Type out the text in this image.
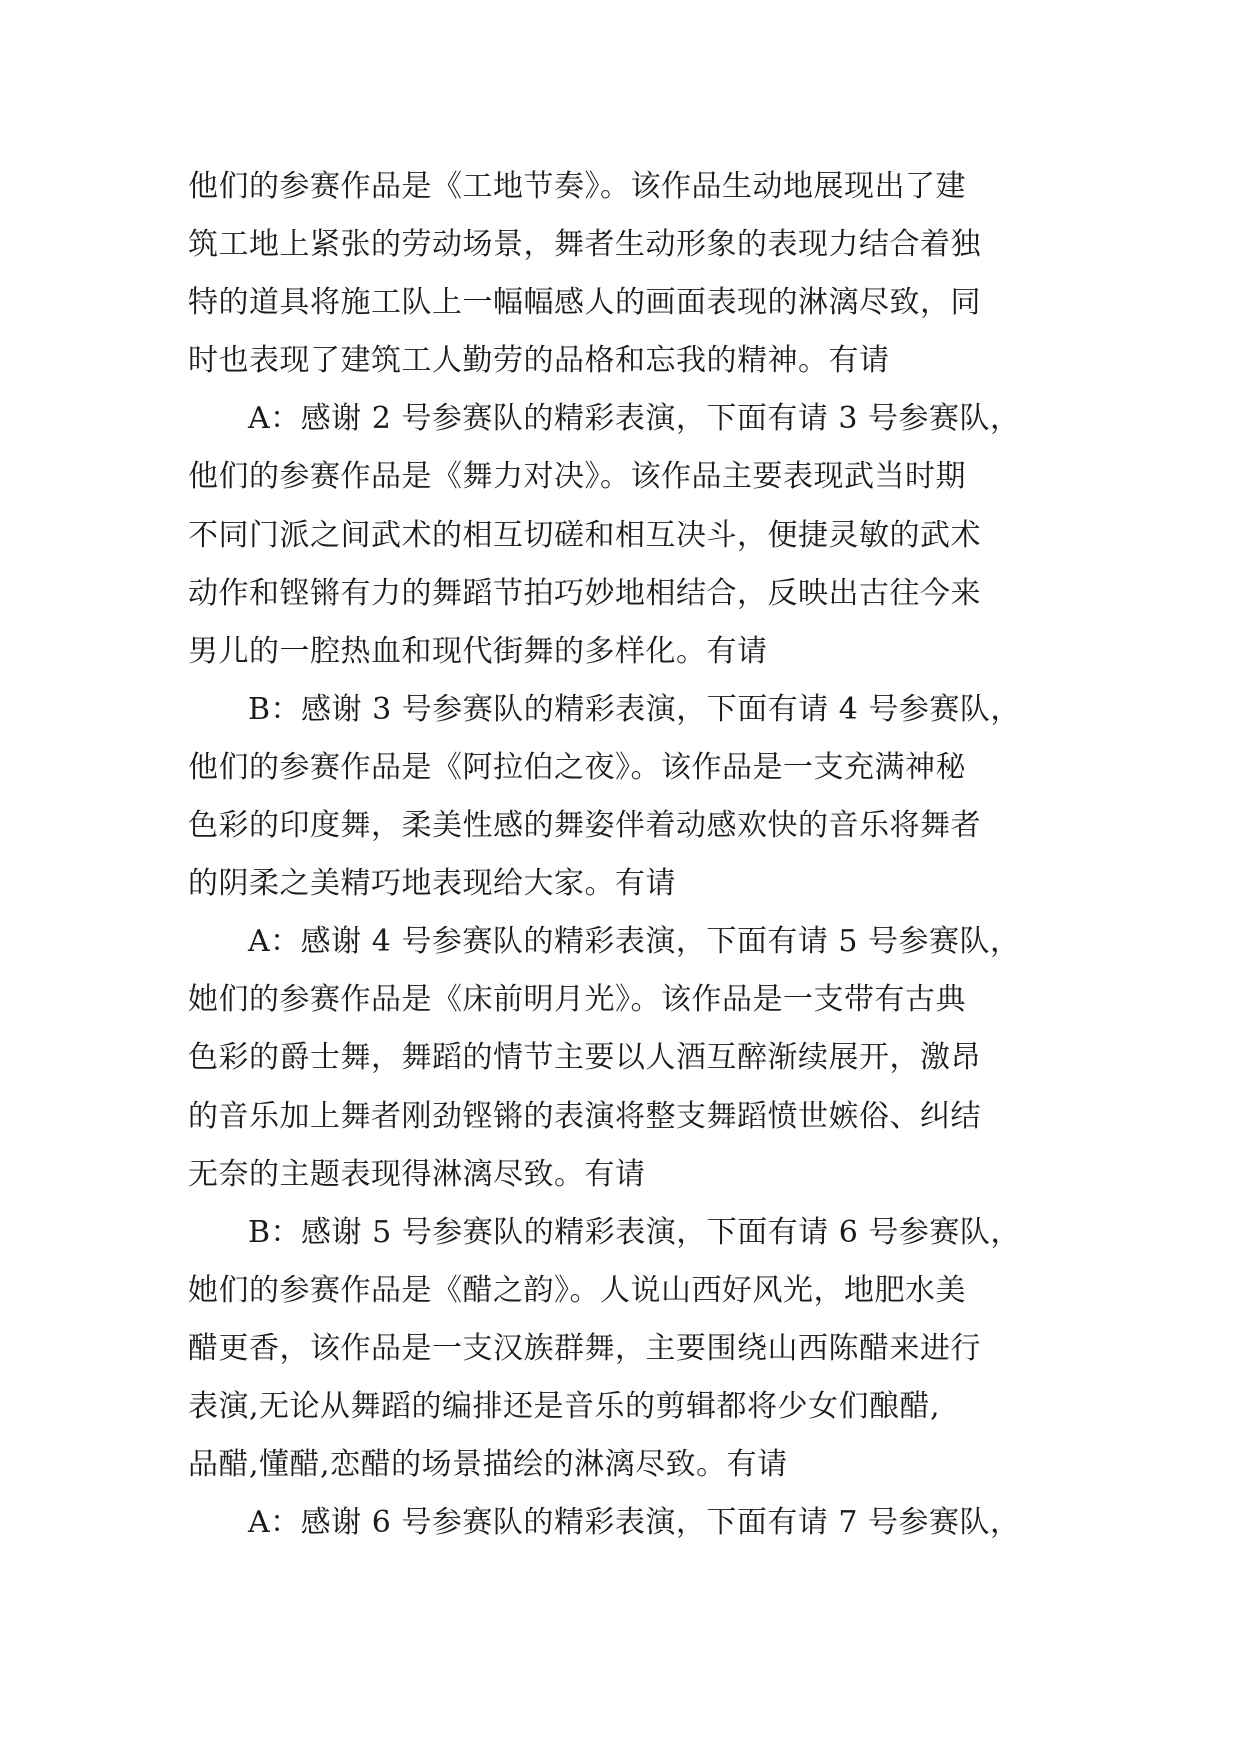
他们的参赛作品是《工地节奏》。该作品生动地展现出了建
筑工地上紧张的劳动场景，舞者生动形象的表现力结合着独
特的道具将施工队上一幅幅感人的画面表现的淋漓尽致，同
时也表现了建筑工人勤劳的品格和忘我的精神。有请
A：感谢 2 号参赛队的精彩表演，下面有请 3 号参赛队，
他们的参赛作品是《舞力对决》。该作品主要表现武当时期
不同门派之间武术的相互切磋和相互决斗，便捷灵敏的武术
动作和铿锵有力的舞蹈节拍巧妙地相结合，反映出古往今来
男儿的一腔热血和现代街舞的多样化。有请
B：感谢 3 号参赛队的精彩表演，下面有请 4 号参赛队，
他们的参赛作品是《阿拉伯之夜》。该作品是一支充满神秘
色彩的印度舞，柔美性感的舞姿伴着动感欢快的音乐将舞者
的阴柔之美精巧地表现给大家。有请
A：感谢 4 号参赛队的精彩表演，下面有请 5 号参赛队，
她们的参赛作品是《床前明月光》。该作品是一支带有古典
色彩的爵士舞，舞蹈的情节主要以人酒互醉渐续展开，激昂
的音乐加上舞者刚劲铿锵的表演将整支舞蹈愤世嫉俗、纠结
无奈的主题表现得淋漓尽致。有请
B：感谢 5 号参赛队的精彩表演，下面有请 6 号参赛队，
她们的参赛作品是《醋之韵》。人说山西好风光，地肥水美
醋更香，该作品是一支汉族群舞，主要围绕山西陈醋来进行
表演,无论从舞蹈的编排还是音乐的剪辑都将少女们酿醋,
品醋,懂醋,恋醋的场景描绘的淋漓尽致。有请
A：感谢 6 号参赛队的精彩表演，下面有请 7 号参赛队，
